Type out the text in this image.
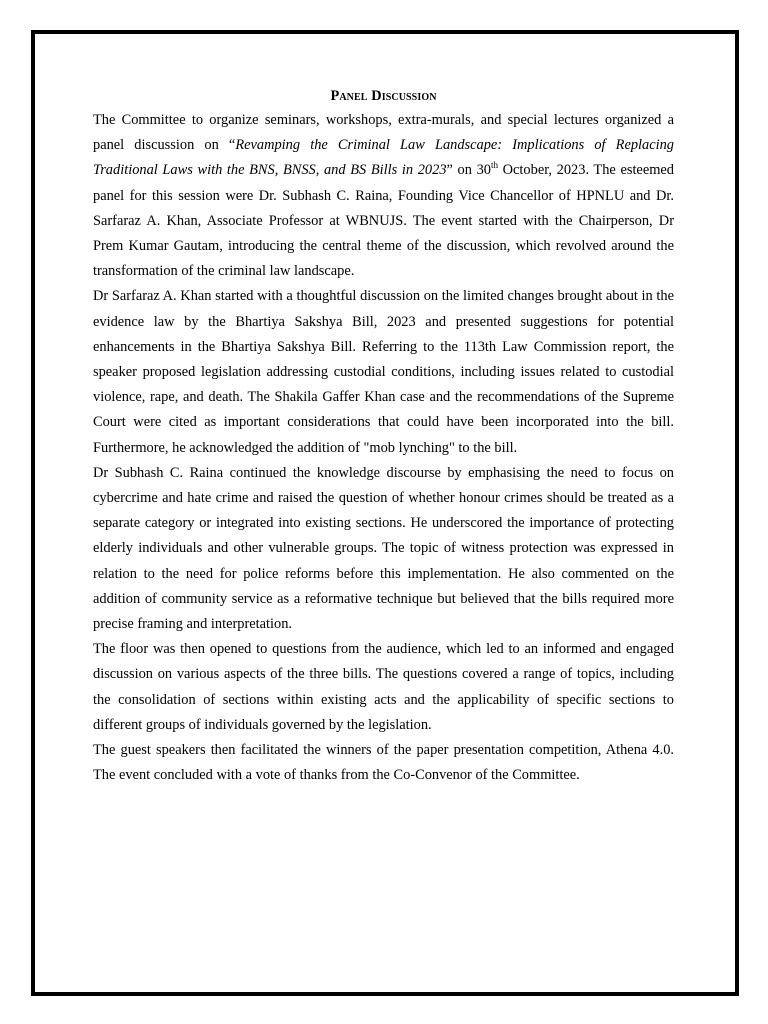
Panel Discussion

The Committee to organize seminars, workshops, extra-murals, and special lectures organized a panel discussion on “Revamping the Criminal Law Landscape: Implications of Replacing Traditional Laws with the BNS, BNSS, and BS Bills in 2023” on 30th October, 2023. The esteemed panel for this session were Dr. Subhash C. Raina, Founding Vice Chancellor of HPNLU and Dr. Sarfaraz A. Khan, Associate Professor at WBNUJS. The event started with the Chairperson, Dr Prem Kumar Gautam, introducing the central theme of the discussion, which revolved around the transformation of the criminal law landscape.

Dr Sarfaraz A. Khan started with a thoughtful discussion on the limited changes brought about in the evidence law by the Bhartiya Sakshya Bill, 2023 and presented suggestions for potential enhancements in the Bhartiya Sakshya Bill. Referring to the 113th Law Commission report, the speaker proposed legislation addressing custodial conditions, including issues related to custodial violence, rape, and death. The Shakila Gaffer Khan case and the recommendations of the Supreme Court were cited as important considerations that could have been incorporated into the bill. Furthermore, he acknowledged the addition of "mob lynching" to the bill.

Dr Subhash C. Raina continued the knowledge discourse by emphasising the need to focus on cybercrime and hate crime and raised the question of whether honour crimes should be treated as a separate category or integrated into existing sections. He underscored the importance of protecting elderly individuals and other vulnerable groups. The topic of witness protection was expressed in relation to the need for police reforms before this implementation. He also commented on the addition of community service as a reformative technique but believed that the bills required more precise framing and interpretation.

The floor was then opened to questions from the audience, which led to an informed and engaged discussion on various aspects of the three bills. The questions covered a range of topics, including the consolidation of sections within existing acts and the applicability of specific sections to different groups of individuals governed by the legislation.

The guest speakers then facilitated the winners of the paper presentation competition, Athena 4.0. The event concluded with a vote of thanks from the Co-Convenor of the Committee.
